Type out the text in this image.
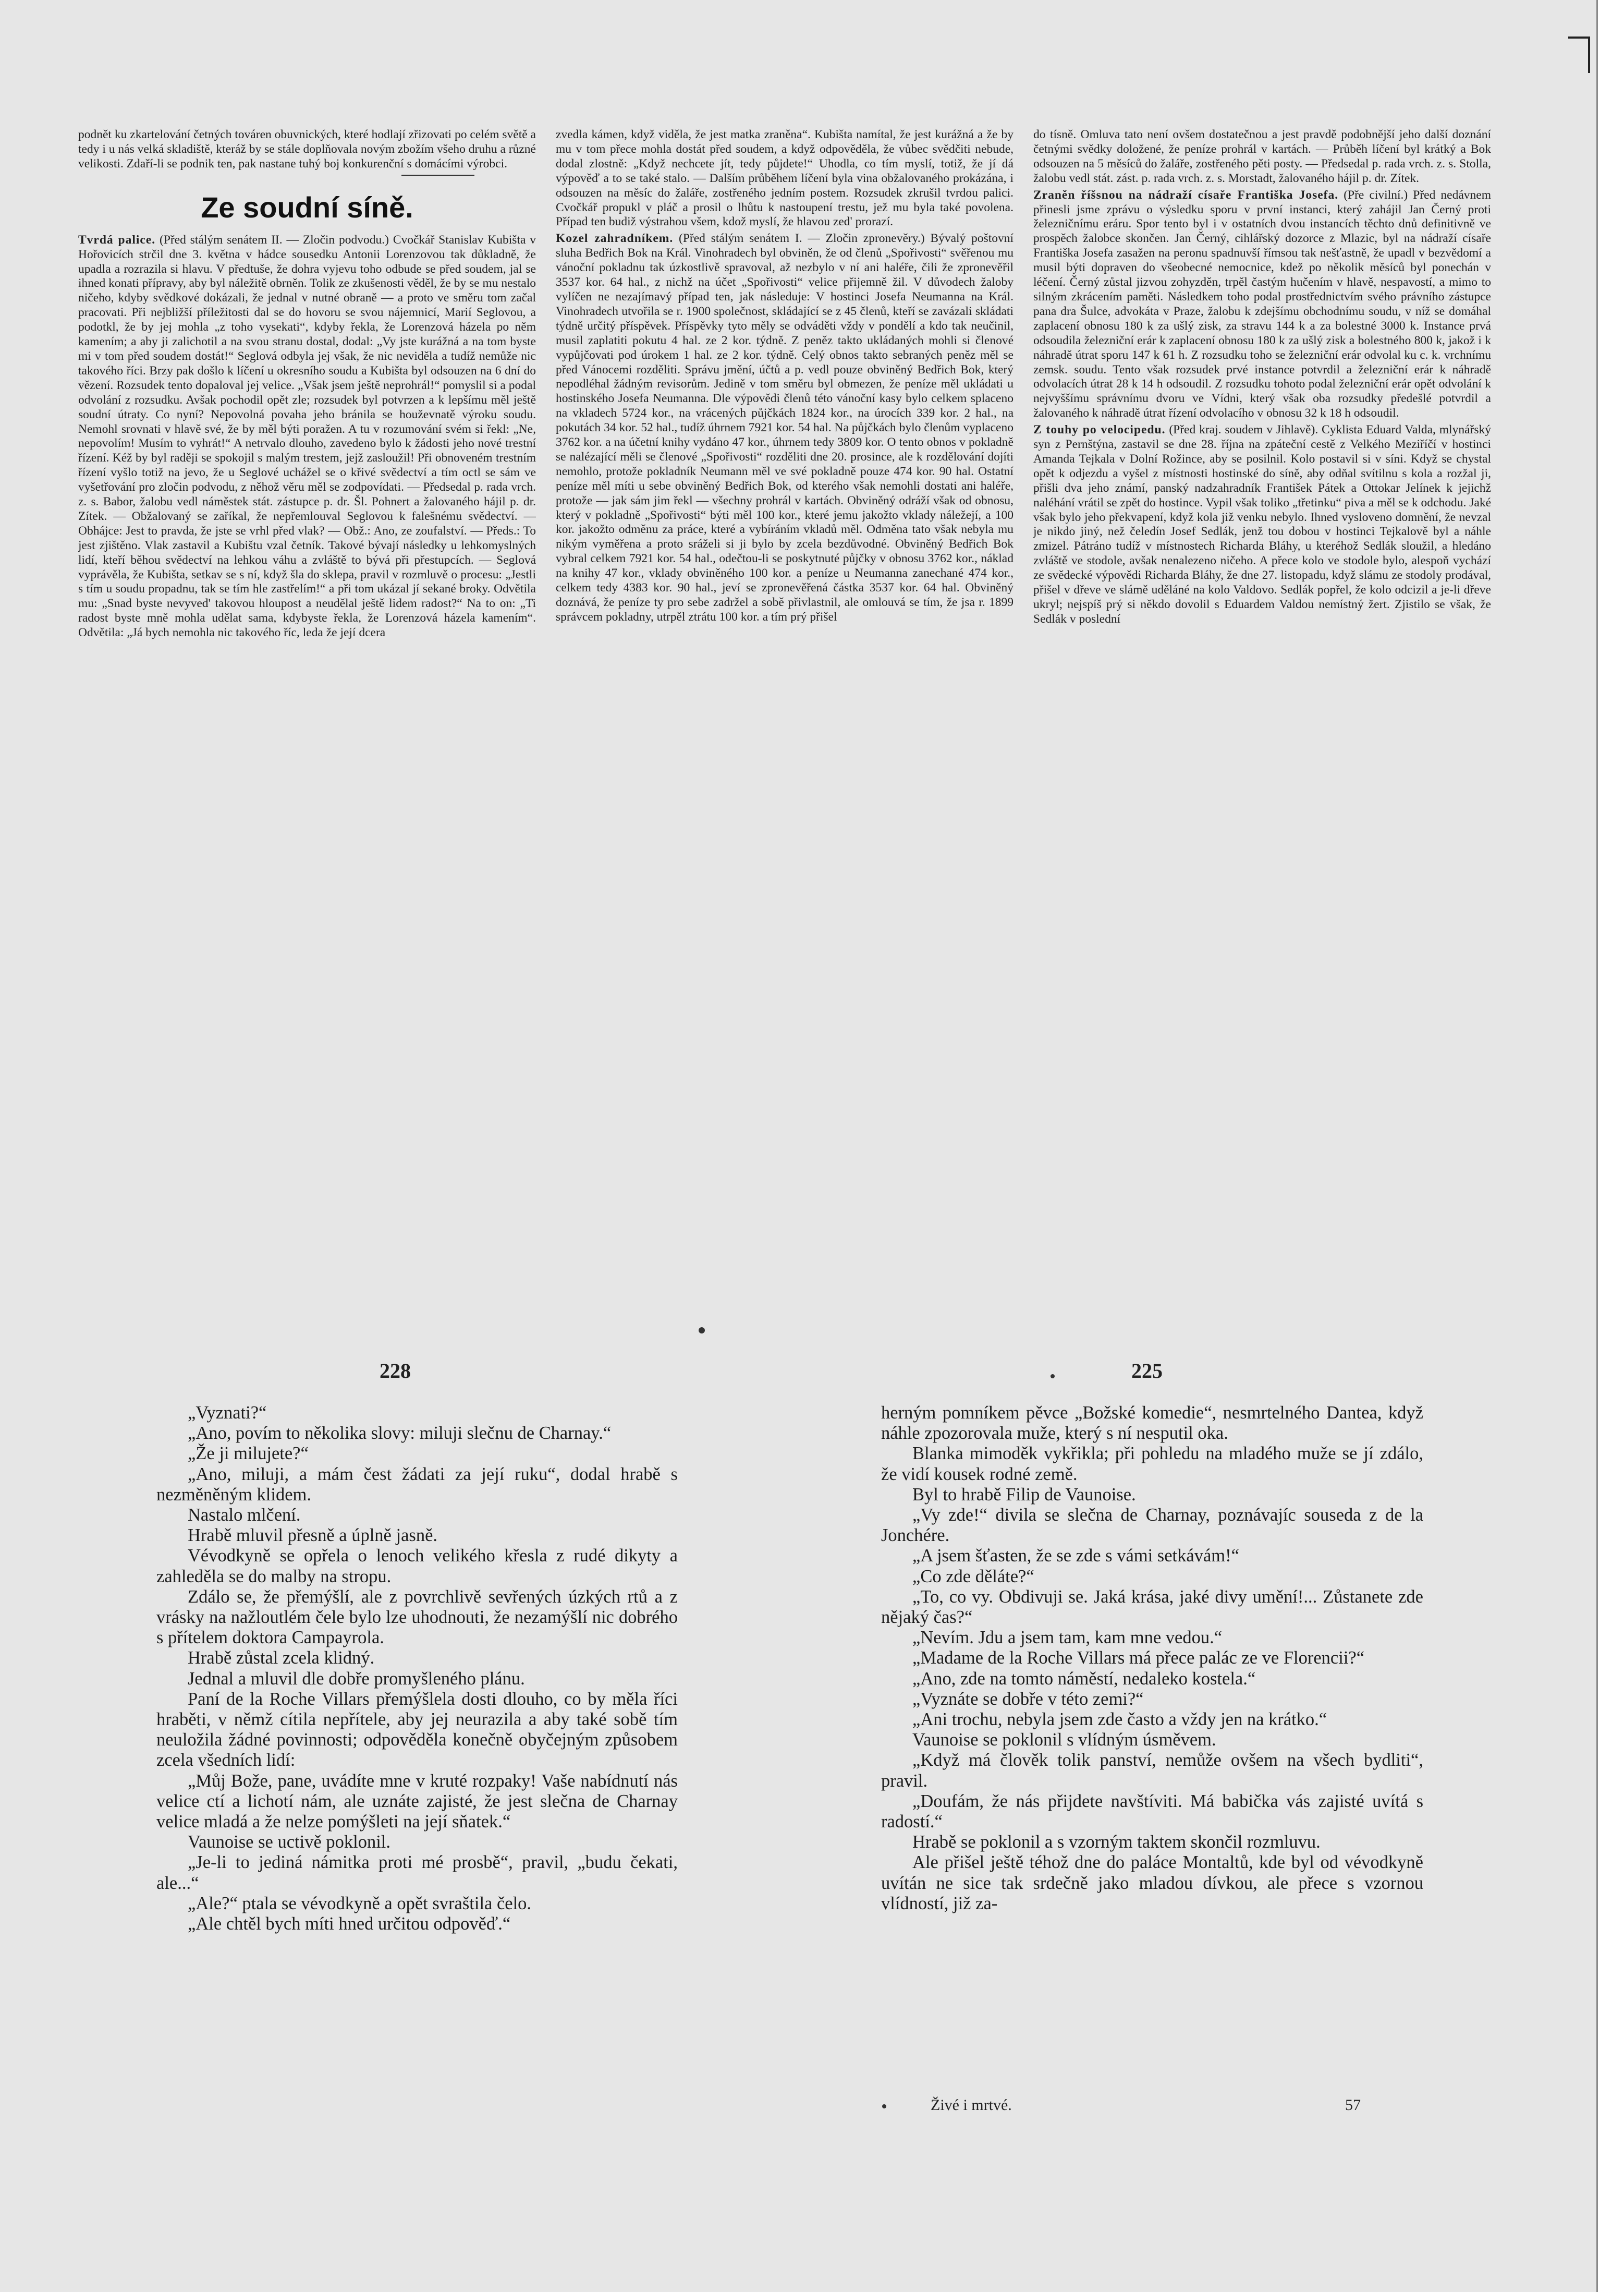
podnět ku zkartelování četných továren obuvnických, které hodlají zřizovati po celém světě a tedy i u nás velká skladiště, kteráž by se stále doplňovala novým zbožím všeho druhu a různé velikosti. Zdaří-li se podnik ten, pak nastane tuhý boj konkurenční s domácími výrobci.

Ze soudní síně.

Tvrdá palice. (Před stálým senátem II. — Zločin podvodu.) Cvočkář Stanislav Kubišta v Hořovicích strčil dne 3. května v hádce sousedku Antonii Lorenzovou tak důkladně, že upadla a rozrazila si hlavu. V předtuše, že dohra vyjevu toho odbude se před soudem, jal se ihned konati přípravy, aby byl náležitě obrněn. Tolik ze zkušenosti věděl, že by se mu nestalo ničeho, kdyby svědkové dokázali, že jednal v nutné obraně — a proto ve směru tom začal pracovati. Při nejbližší příležitosti dal se do hovoru se svou nájemnicí, Marií Seglovou, a podotkl, že by jej mohla „z toho vysekati“, kdyby řekla, že Lorenzová házela po něm kamením; a aby ji zalichotil a na svou stranu dostal, dodal: „Vy jste kurážná a na tom byste mi v tom před soudem dostát!“ Seglová odbyla jej však, že nic neviděla a tudíž nemůže nic takového říci. Brzy pak došlo k líčení u okresního soudu a Kubišta byl odsouzen na 6 dní do vězení. Rozsudek tento dopaloval jej velice. „Však jsem ještě neprohrál!“ pomyslil si a podal odvolání z rozsudku. Avšak pochodil opět zle; rozsudek byl potvrzen a k lepšímu měl ještě soudní útraty. Co nyní? Nepovolná povaha jeho bránila se houževnatě výroku soudu. Nemohl srovnati v hlavě své, že by měl býti poražen. A tu v rozumování svém si řekl: „Ne, nepovolím! Musím to vyhrát!“ A netrvalo dlouho, zavedeno bylo k žádosti jeho nové trestní řízení. Kéž by byl raději se spokojil s malým trestem, jejž zasloužil! Při obnoveném trestním řízení vyšlo totiž na jevo, že u Seglové uchážel se o křivé svědectví a tím octl se sám ve vyšetřování pro zločin podvodu, z něhož věru měl se zodpovídati. — Předsedal p. rada vrch. z. s. Babor, žalobu vedl náměstek stát. zástupce p. dr. Šl. Pohnert a žalovaného hájil p. dr. Zítek. — Obžalovaný se zaříkal, že nepřemlouval Seglovou k falešnému svědectví. — Obhájce: Jest to pravda, že jste se vrhl před vlak? — Obž.: Ano, ze zoufalství. — Předs.: To jest zjištěno. Vlak zastavil a Kubištu vzal četník. Takové bývají následky u lehkomyslných lidí, kteří běhou svědectví na lehkou váhu a zvláště to bývá při přestupcích. — Seglová vyprávěla, že Kubišta, setkav se s ní, když šla do sklepa, pravil v rozmluvě o procesu: „Jestli s tím u soudu propadnu, tak se tím hle zastřelím!“ a při tom ukázal jí sekané broky. Odvětila mu: „Snad byste nevyved' takovou hloupost a neudělal ještě lidem radost?“ Na to on: „Ti radost byste mně mohla udělat sama, kdybyste řekla, že Lorenzová házela kamením“. Odvětila: „Já bych nemohla nic takového říc, leda že její dcera

zvedla kámen, když viděla, že jest matka zraněna“. Kubišta namítal, že jest kurážná a že by mu v tom přece mohla dostát před soudem, a když odpověděla, že vůbec svědčiti nebude, dodal zlostně: „Když nechcete jít, tedy půjdete!“ Uhodla, co tím myslí, totiž, že jí dá výpověď a to se také stalo. — Dalším průběhem líčení byla vina obžalovaného prokázána, i odsouzen na měsíc do žaláře, zostřeného jedním postem. Rozsudek zkrušil tvrdou palici. Cvočkář propukl v pláč a prosil o lhůtu k nastoupení trestu, jež mu byla také povolena. Případ ten budiž výstrahou všem, kdož myslí, že hlavou zed' prorazí.

Kozel zahradníkem. (Před stálým senátem I. — Zločin zpronevěry.) Bývalý poštovní sluha Bedřich Bok na Král. Vinohradech byl obviněn, že od členů „Spořivosti“ svěřenou mu vánoční pokladnu tak úzkostlivě spravoval, až nezbylo v ní ani haléře, čili že zpronevěřil 3537 kor. 64 hal., z nichž na účet „Spořivosti“ velice přijemně žil. V důvodech žaloby vylíčen ne nezajímavý případ ten, jak následuje: V hostinci Josefa Neumanna na Král. Vinohradech utvořila se r. 1900 společnost, skládající se z 45 členů, kteří se zavázali skládati týdně určitý příspěvek. Příspěvky tyto měly se odváděti vždy v pondělí a kdo tak neučinil, musil zaplatiti pokutu 4 hal. ze 2 kor. týdně. Z peněz takto ukládaných mohli si členové vypůjčovati pod úrokem 1 hal. ze 2 kor. týdně. Celý obnos takto sebraných peněz měl se před Vánocemi rozděliti. Správu jmění, účtů a p. vedl pouze obviněný Bedřich Bok, který nepodléhal žádným revisorům. Jedině v tom směru byl obmezen, že peníze měl ukládati u hostinského Josefa Neumanna. Dle výpovědi členů této vánoční kasy bylo celkem splaceno na vkladech 5724 kor., na vrácených půjčkách 1824 kor., na úrocích 339 kor. 2 hal., na pokutách 34 kor. 52 hal., tudíž úhrnem 7921 kor. 54 hal. Na půjčkách bylo členům vyplaceno 3762 kor. a na účetní knihy vydáno 47 kor., úhrnem tedy 3809 kor. O tento obnos v pokladně se nalézající měli se členové „Spořivosti“ rozděliti dne 20. prosince, ale k rozdělování dojíti nemohlo, protože pokladník Neumann měl ve své pokladně pouze 474 kor. 90 hal. Ostatní peníze měl míti u sebe obviněný Bedřich Bok, od kterého však nemohli dostati ani haléře, protože — jak sám jim řekl — všechny prohrál v kartách. Obviněný odráží však od obnosu, který v pokladně „Spořivosti“ býti měl 100 kor., které jemu jakožto vklady náležejí, a 100 kor. jakožto odměnu za práce, které a vybíráním vkladů měl. Odměna tato však nebyla mu nikým vyměřena a proto sráželi si ji bylo by zcela bezdůvodné. Obviněný Bedřich Bok vybral celkem 7921 kor. 54 hal., odečtou-li se poskytnuté půjčky v obnosu 3762 kor., náklad na knihy 47 kor., vklady obviněného 100 kor. a peníze u Neumanna zanechané 474 kor., celkem tedy 4383 kor. 90 hal., jeví se zpronevěřená částka 3537 kor. 64 hal. Obviněný doznává, že peníze ty pro sebe zadržel a sobě přivlastnil, ale omlouvá se tím, že jsa r. 1899 správcem pokladny, utrpěl ztrátu 100 kor. a tím prý přišel

do tísně. Omluva tato není ovšem dostatečnou a jest pravdě podobnější jeho další doznání četnými svědky doložené, že peníze prohrál v kartách. — Průběh líčení byl krátký a Bok odsouzen na 5 měsíců do žaláře, zostřeného pěti posty. — Předsedal p. rada vrch. z. s. Stolla, žalobu vedl stát. zást. p. rada vrch. z. s. Morstadt, žalovaného hájil p. dr. Zítek.

Zraněn říšsnou na nádraží císaře Františka Josefa. (Pře civilní.) Před nedávnem přinesli jsme zprávu o výsledku sporu v první instanci, který zahájil Jan Černý proti železničnímu eráru. Spor tento byl i v ostatních dvou instancích těchto dnů definitivně ve prospěch žalobce skončen. Jan Černý, cihlářský dozorce z Mlazic, byl na nádraží císaře Františka Josefa zasažen na peronu spadnuvší římsou tak nešťastně, že upadl v bezvědomí a musil býti dopraven do všeobecné nemocnice, kdež po několik měsíců byl ponechán v léčení. Černý zůstal jizvou zohyzděn, trpěl častým hučením v hlavě, nespavostí, a mimo to silným zkrácením paměti. Následkem toho podal prostřednictvím svého právního zástupce pana dra Šulce, advokáta v Praze, žalobu k zdejšímu obchodnímu soudu, v níž se domáhal zaplacení obnosu 180 k za ušlý zisk, za stravu 144 k a za bolestné 3000 k. Instance prvá odsoudila železniční erár k zaplacení obnosu 180 k za ušlý zisk a bolestného 800 k, jakož i k náhradě útrat sporu 147 k 61 h. Z rozsudku toho se železniční erár odvolal ku c. k. vrchnímu zemsk. soudu. Tento však rozsudek prvé instance potvrdil a železniční erár k náhradě odvolacích útrat 28 k 14 h odsoudil. Z rozsudku tohoto podal železniční erár opět odvolání k nejvyššímu správnímu dvoru ve Vídni, který však oba rozsudky předešlé potvrdil a žalovaného k náhradě útrat řízení odvolacího v obnosu 32 k 18 h odsoudil.

Z touhy po velocipedu. (Před kraj. soudem v Jihlavě). Cyklista Eduard Valda, mlynářský syn z Pernštýna, zastavil se dne 28. října na zpáteční cestě z Velkého Meziříčí v hostinci Amanda Tejkala v Dolní Rožince, aby se posilnil. Kolo postavil si v síni. Když se chystal opět k odjezdu a vyšel z místnosti hostinské do síně, aby odňal svítilnu s kola a rozžal ji, přišli dva jeho známí, panský nadzahradník František Pátek a Ottokar Jelínek k jejichž naléhání vrátil se zpět do hostince. Vypil však toliko „třetinku“ piva a měl se k odchodu. Jaké však bylo jeho překvapení, když kola již venku nebylo. Ihned vysloveno domnění, že nevzal je nikdo jiný, než čeledín Josef Sedlák, jenž tou dobou v hostinci Tejkalově byl a náhle zmizel. Pátráno tudíž v místnostech Richarda Bláhy, u kteréhož Sedlák sloužil, a hledáno zvláště ve stodole, avšak nenalezeno ničeho. A přece kolo ve stodole bylo, alespoň vychází ze svědecké výpovědi Richarda Bláhy, že dne 27. listopadu, když slámu ze stodoly prodával, přišel v dřeve ve slámě uděláné na kolo Valdovo. Sedlák popřel, že kolo odcizil a je-li dřeve ukryl; nejspíš prý si někdo dovolil s Eduardem Valdou nemístný žert. Zjistilo se však, že Sedlák v poslední

228	225

„Vyznati?“

„Ano, povím to několika slovy: miluji slečnu de Charnay.“

„Že ji milujete?“

„Ano, miluji, a mám čest žádati za její ruku“, dodal hrabě s nezměněným klidem.

Nastalo mlčení.

Hrabě mluvil přesně a úplně jasně.

Vévodkyně se opřela o lenoch velikého křesla z rudé dikyty a zahleděla se do malby na stropu.

Zdálo se, že přemýšlí, ale z povrchlivě sevřených úzkých rtů a z vrásky na nažloutlém čele bylo lze uhodnouti, že nezamýšlí nic dobrého s přítelem doktora Campayrola.

Hrabě zůstal zcela klidný.

Jednal a mluvil dle dobře promyšleného plánu.

Paní de la Roche Villars přemýšlela dosti dlouho, co by měla říci hraběti, v němž cítila nepřítele, aby jej neurazila a aby také sobě tím neuložila žádné povinnosti; odpověděla konečně obyčejným způsobem zcela všedních lidí:

„Můj Bože, pane, uvádíte mne v kruté rozpaky! Vaše nabídnutí nás velice ctí a lichotí nám, ale uznáte zajisté, že jest slečna de Charnay velice mladá a že nelze pomýšleti na její sňatek.“

Vaunoise se uctivě poklonil.

„Je-li to jediná námitka proti mé prosbě“, pravil, „budu čekati, ale...“

„Ale?“ ptala se vévodkyně a opět svraštila čelo.

„Ale chtěl bych míti hned určitou odpověď.“

herným pomníkem pěvce „Božské komedie“, nesmrtelného Dantea, když náhle zpozorovala muže, který s ní nesputil oka.

Blanka mimoděk vykřikla; při pohledu na mladého muže se jí zdálo, že vidí kousek rodné země.

Byl to hrabě Filip de Vaunoise.

„Vy zde!“ divila se slečna de Charnay, poznávajíc souseda z de la Jonchére.

„A jsem šťasten, že se zde s vámi setkávám!“

„Co zde děláte?“

„To, co vy. Obdivuji se. Jaká krása, jaké divy umění!... Zůstanete zde nějaký čas?“

„Nevím. Jdu a jsem tam, kam mne vedou.“

„Madame de la Roche Villars má přece palác ze ve Florencii?“

„Ano, zde na tomto náměstí, nedaleko kostela.“

„Vyznáte se dobře v této zemi?“

„Ani trochu, nebyla jsem zde často a vždy jen na krátko.“

Vaunoise se poklonil s vlídným úsměvem.

„Když má člověk tolik panství, nemůže ovšem na všech bydliti“, pravil.

„Doufám, že nás přijdete navštíviti. Má babička vás zajisté uvítá s radostí.“

Hrabě se poklonil a s vzorným taktem skončil rozmluvu.

Ale přišel ještě téhož dne do paláce Montaltů, kde byl od vévodkyně uvítán ne sice tak srdečně jako mladou dívkou, ale přece s vzornou vlídností, již za-

Živé i mrtvé.	57
